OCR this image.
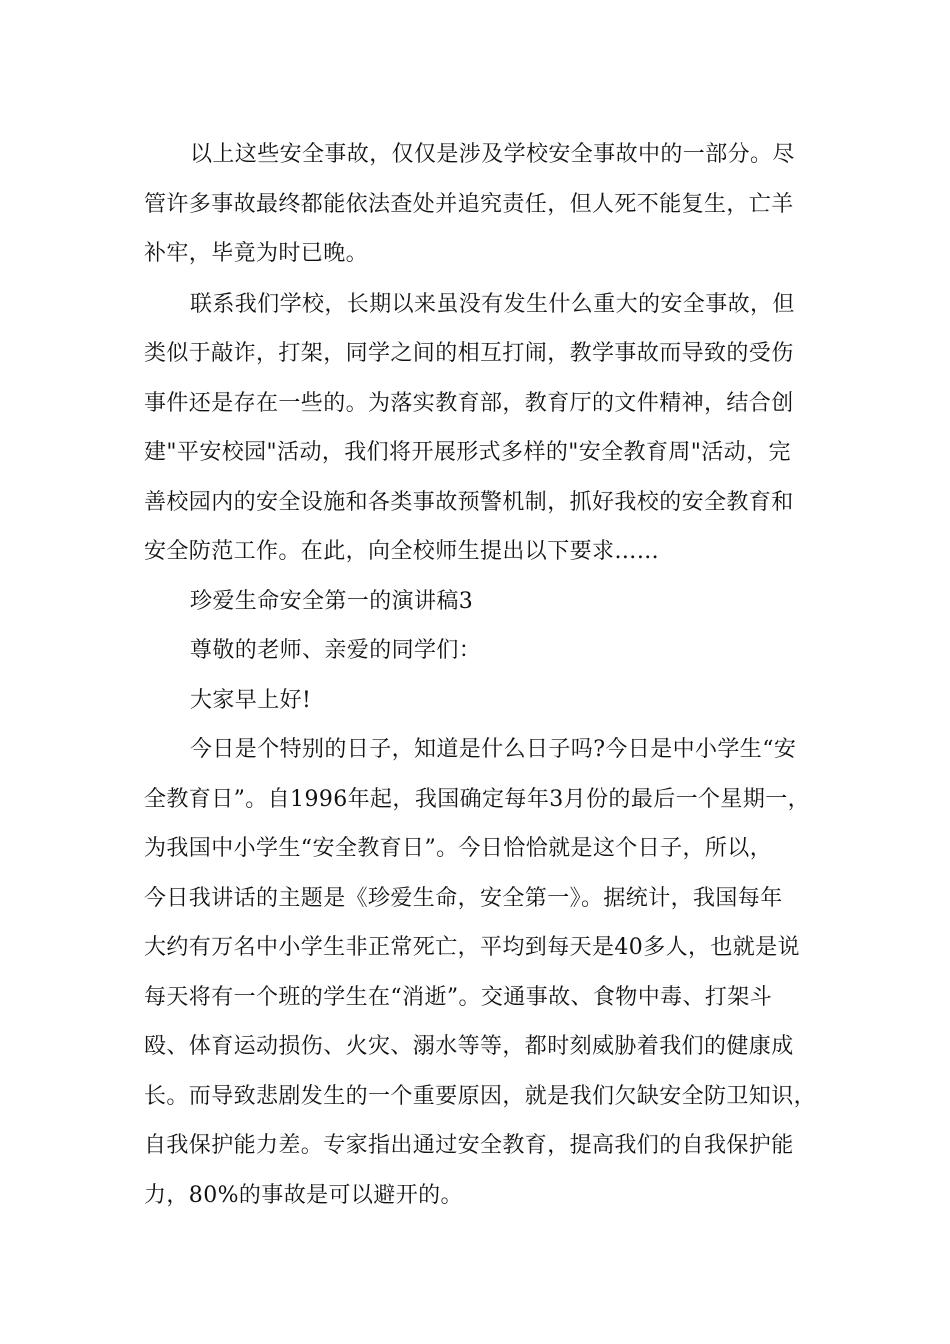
以上这些安全事故，仅仅是涉及学校安全事故中的一部分。尽
管许多事故最终都能依法查处并追究责任，但人死不能复生，亡羊
补牢，毕竟为时已晚。
联系我们学校，长期以来虽没有发生什么重大的安全事故，但
类似于敲诈，打架，同学之间的相互打闹，教学事故而导致的受伤
事件还是存在一些的。为落实教育部，教育厅的文件精神，结合创
建"平安校园"活动，我们将开展形式多样的"安全教育周"活动，完
善校园内的安全设施和各类事故预警机制，抓好我校的安全教育和
安全防范工作。在此，向全校师生提出以下要求……
珍爱生命安全第一的演讲稿3
尊敬的老师、亲爱的同学们：
大家早上好!
今日是个特别的日子，知道是什么日子吗?今日是中小学生“安
全教育日”。自1996年起，我国确定每年3月份的最后一个星期一，
为我国中小学生“安全教育日”。今日恰恰就是这个日子，所以，
今日我讲话的主题是《珍爱生命，安全第一》。据统计，我国每年
大约有万名中小学生非正常死亡，平均到每天是40多人，也就是说
每天将有一个班的学生在“消逝”。交通事故、食物中毒、打架斗
殴、体育运动损伤、火灾、溺水等等，都时刻威胁着我们的健康成
长。而导致悲剧发生的一个重要原因，就是我们欠缺安全防卫知识，
自我保护能力差。专家指出通过安全教育，提高我们的自我保护能
力，80%的事故是可以避开的。
